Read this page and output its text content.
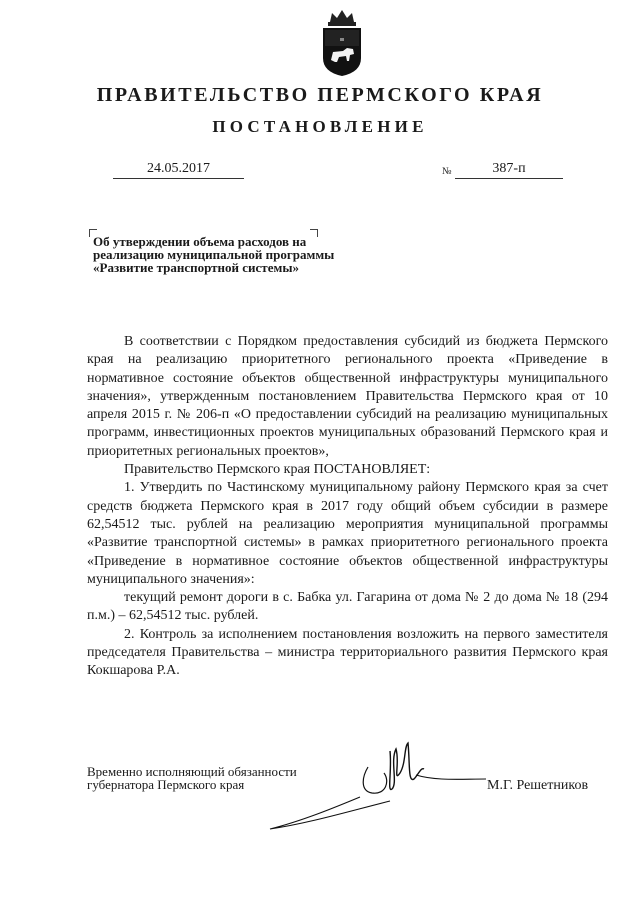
ПРАВИТЕЛЬСТВО ПЕРМСКОГО КРАЯ
ПОСТАНОВЛЕНИЕ
24.05.2017	№	387-п

Об утверждении объема расходов на реализацию муниципальной программы «Развитие транспортной системы»

В соответствии с Порядком предоставления субсидий из бюджета Пермского края на реализацию приоритетного регионального проекта «Приведение в нормативное состояние объектов общественной инфраструктуры муниципального значения», утвержденным постановлением Правительства Пермского края от 10 апреля 2015 г. № 206-п «О предоставлении субсидий на реализацию муниципальных программ, инвестиционных проектов муниципальных образований Пермского края и приоритетных региональных проектов»,

Правительство Пермского края ПОСТАНОВЛЯЕТ:

1. Утвердить по Частинскому муниципальному району Пермского края за счет средств бюджета Пермского края в 2017 году общий объем субсидии в размере 62,54512 тыс. рублей на реализацию мероприятия муниципальной программы «Развитие транспортной системы» в рамках приоритетного регионального проекта «Приведение в нормативное состояние объектов общественной инфраструктуры муниципального значения»:

текущий ремонт дороги в с. Бабка ул. Гагарина от дома № 2 до дома № 18 (294 п.м.) – 62,54512 тыс. рублей.

2. Контроль за исполнением постановления возложить на первого заместителя председателя Правительства – министра территориального развития Пермского края Кокшарова Р.А.

Временно исполняющий обязанности
губернатора Пермского края	М.Г. Решетников
